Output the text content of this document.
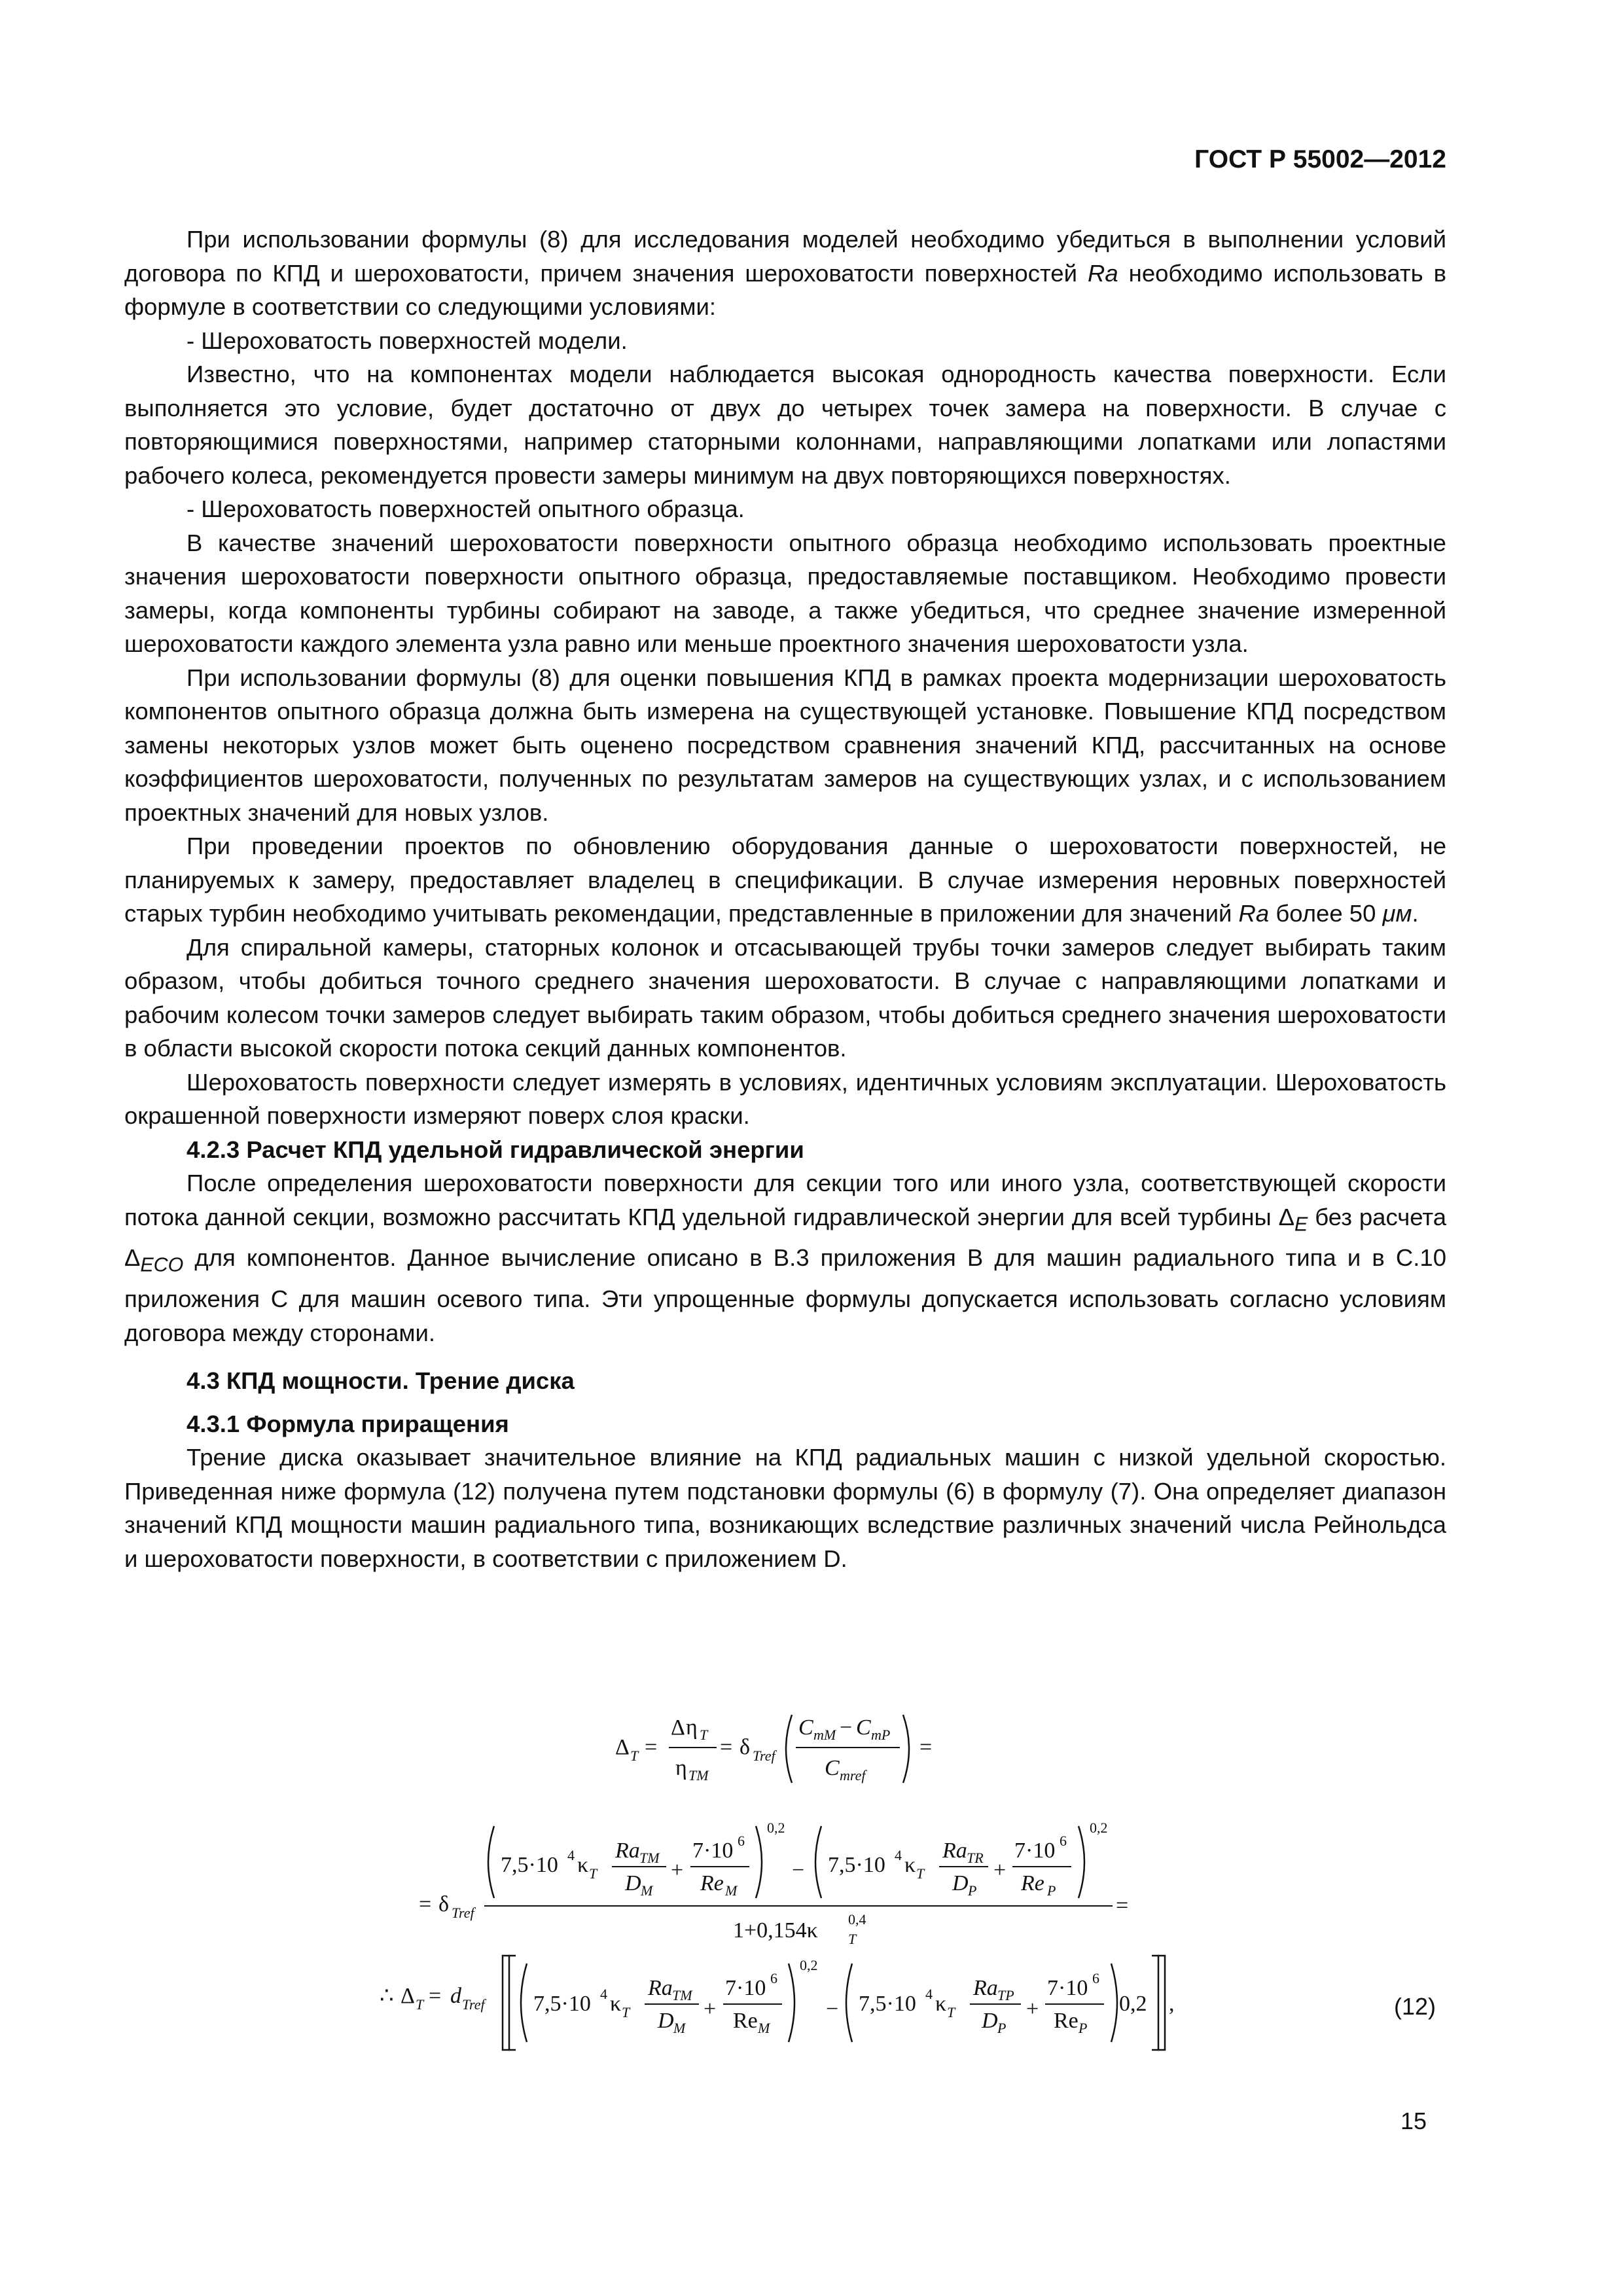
ГОСТ Р 55002—2012

При использовании формулы (8) для исследования моделей необходимо убедиться в выполнении условий договора по КПД и шероховатости, причем значения шероховатости поверхностей Ra необходимо использовать в формуле в соответствии со следующими условиями:

- Шероховатость поверхностей модели.

Известно, что на компонентах модели наблюдается высокая однородность качества поверхности. Если выполняется это условие, будет достаточно от двух до четырех точек замера на поверхности. В случае с повторяющимися поверхностями, например статорными колоннами, направляющими лопатками или лопастями рабочего колеса, рекомендуется провести замеры минимум на двух повторяющихся поверхностях.

- Шероховатость поверхностей опытного образца.

В качестве значений шероховатости поверхности опытного образца необходимо использовать проектные значения шероховатости поверхности опытного образца, предоставляемые поставщиком. Необходимо провести замеры, когда компоненты турбины собирают на заводе, а также убедиться, что среднее значение измеренной шероховатости каждого элемента узла равно или меньше проектного значения шероховатости узла.

При использовании формулы (8) для оценки повышения КПД в рамках проекта модернизации шероховатость компонентов опытного образца должна быть измерена на существующей установке. Повышение КПД посредством замены некоторых узлов может быть оценено посредством сравнения значений КПД, рассчитанных на основе коэффициентов шероховатости, полученных по результатам замеров на существующих узлах, и с использованием проектных значений для новых узлов.

При проведении проектов по обновлению оборудования данные о шероховатости поверхностей, не планируемых к замеру, предоставляет владелец в спецификации. В случае измерения неровных поверхностей старых турбин необходимо учитывать рекомендации, представленные в приложении для значений Ra более 50 μм.

Для спиральной камеры, статорных колонок и отсасывающей трубы точки замеров следует выбирать таким образом, чтобы добиться точного среднего значения шероховатости. В случае с направляющими лопатками и рабочим колесом точки замеров следует выбирать таким образом, чтобы добиться среднего значения шероховатости в области высокой скорости потока секций данных компонентов.

Шероховатость поверхности следует измерять в условиях, идентичных условиям эксплуатации. Шероховатость окрашенной поверхности измеряют поверх слоя краски.

4.2.3 Расчет КПД удельной гидравлической энергии

После определения шероховатости поверхности для секции того или иного узла, соответствующей скорости потока данной секции, возможно рассчитать КПД удельной гидравлической энергии для всей турбины $\Delta_E$ без расчета $\Delta_{ECO}$ для компонентов. Данное вычисление описано в В.3 приложения В для машин радиального типа и в С.10 приложения С для машин осевого типа. Эти упрощенные формулы допускается использовать согласно условиям договора между сторонами.

4.3 КПД мощности. Трение диска

4.3.1 Формула приращения

Трение диска оказывает значительное влияние на КПД радиальных машин с низкой удельной скоростью. Приведенная ниже формула (12) получена путем подстановки формулы (6) в формулу (7). Она определяет диапазон значений КПД мощности машин радиального типа, возникающих вследствие различных значений числа Рейнольдса и шероховатости поверхности, в соответствии с приложением D.

Δ T =
Δ η T
η TM
= δ Tref
C mM − C mP
C mref
=
= δ Tref
7,5·10 4 κ T
Ra TM
D M
+
7·10 6
Re M
0,2
− 7,5·10 4 κ T
Ra TR
D P
+
7·10 6
Re P
0,2
1+0,154κ 0,4
T
=
∴ Δ T = d Tref 7,5·10 4 κ T
Ra TM
D M
+
7·10 6
Re M
0,2
− 7,5·10 4 κ T
Ra TP
D P
+
7·10 6
Re P
0,2 ,	(12)
15
